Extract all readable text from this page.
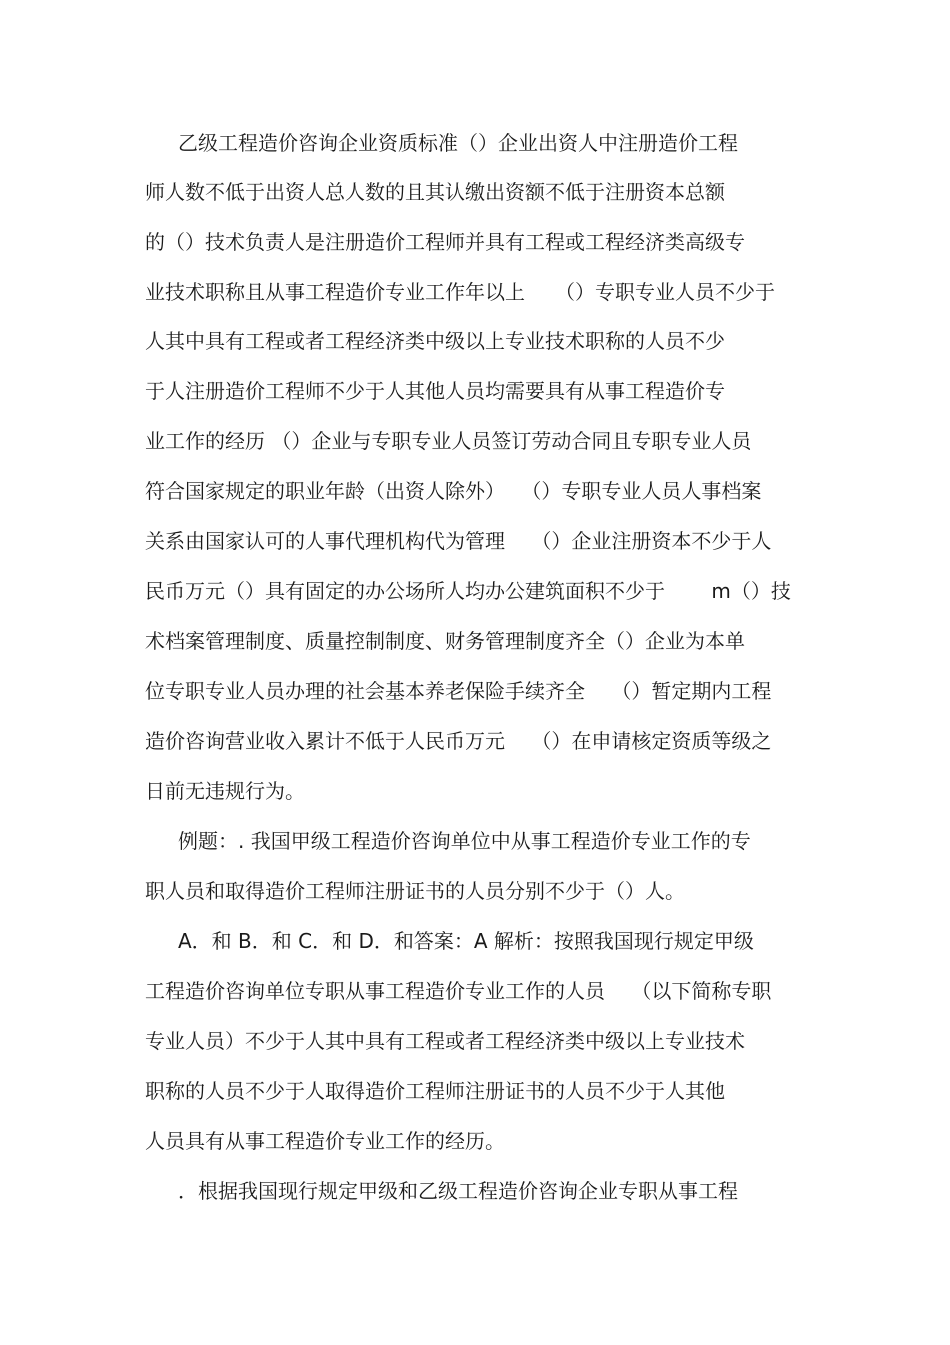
乙级工程造价咨询企业资质标准（）企业出资人中注册造价工程
师人数不低于出资人总人数的且其认缴出资额不低于注册资本总额
的（）技术负责人是注册造价工程师并具有工程或工程经济类高级专
业技术职称且从事工程造价专业工作年以上　　（）专职专业人员不少于
人其中具有工程或者工程经济类中级以上专业技术职称的人员不少
于人注册造价工程师不少于人其他人员均需要具有从事工程造价专
业工作的经历 （）企业与专职专业人员签订劳动合同且专职专业人员
符合国家规定的职业年龄（出资人除外）　 （）专职专业人员人事档案
关系由国家认可的人事代理机构代为管理　 （）企业注册资本不少于人
民币万元（）具有固定的办公场所人均办公建筑面积不少于　　 m（）技
术档案管理制度、质量控制制度、财务管理制度齐全（）企业为本单
位专职专业人员办理的社会基本养老保险手续齐全　 （）暂定期内工程
造价咨询营业收入累计不低于人民币万元　 （）在申请核定资质等级之
日前无违规行为。
例题：. 我国甲级工程造价咨询单位中从事工程造价专业工作的专
职人员和取得造价工程师注册证书的人员分别不少于（）人。
A．和 B．和 C．和 D．和答案：A 解析：按照我国现行规定甲级
工程造价咨询单位专职从事工程造价专业工作的人员　 （以下简称专职
专业人员）不少于人其中具有工程或者工程经济类中级以上专业技术
职称的人员不少于人取得造价工程师注册证书的人员不少于人其他
人员具有从事工程造价专业工作的经历。
．根据我国现行规定甲级和乙级工程造价咨询企业专职从事工程
